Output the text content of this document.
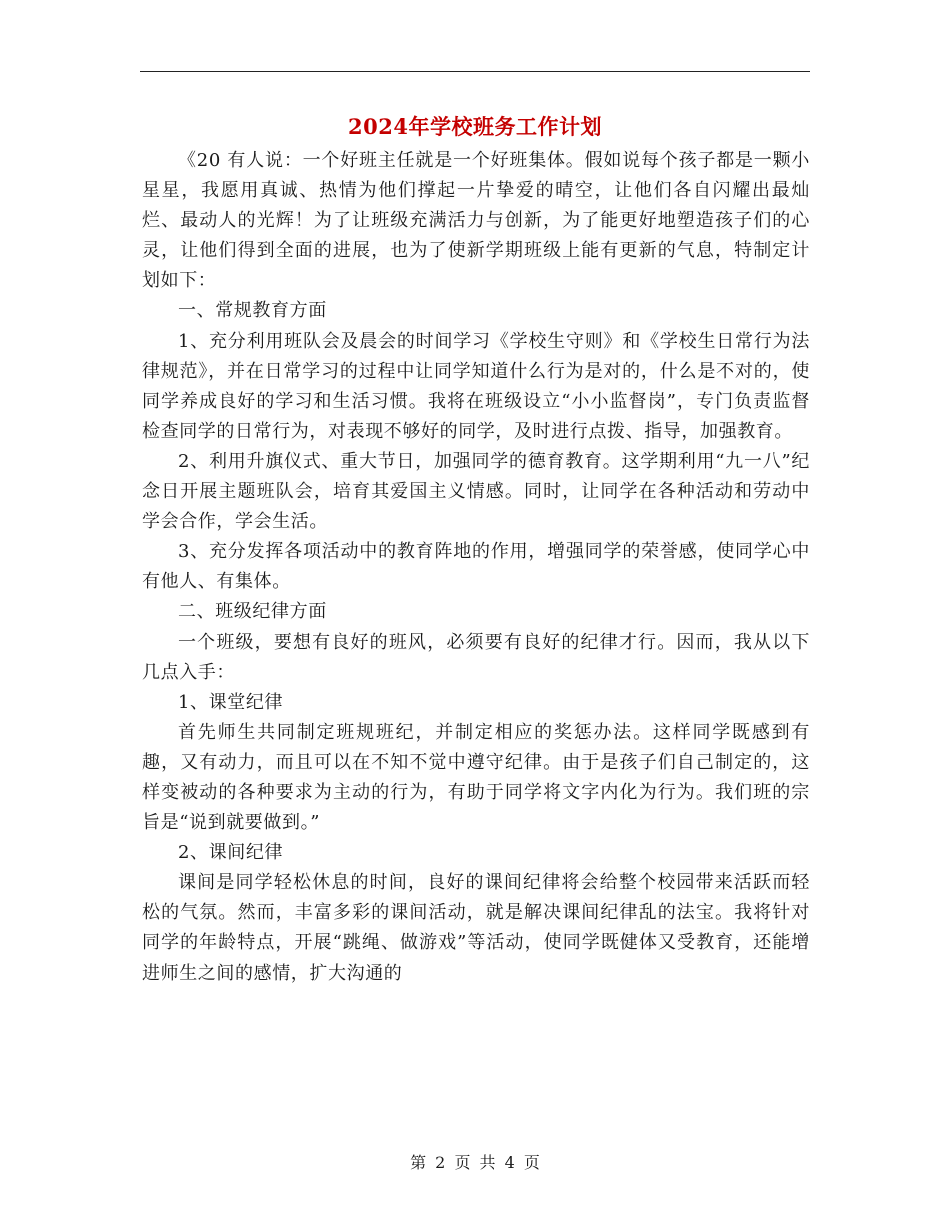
2024年学校班务工作计划

《20 有人说：一个好班主任就是一个好班集体。假如说每个孩子都是一颗小星星，我愿用真诚、热情为他们撑起一片挚爱的晴空，让他们各自闪耀出最灿烂、最动人的光辉！为了让班级充满活力与创新，为了能更好地塑造孩子们的心灵，让他们得到全面的进展，也为了使新学期班级上能有更新的气息，特制定计划如下：

一、常规教育方面

1、充分利用班队会及晨会的时间学习《学校生守则》和《学校生日常行为法律规范》，并在日常学习的过程中让同学知道什么行为是对的，什么是不对的，使同学养成良好的学习和生活习惯。我将在班级设立“小小监督岗”，专门负责监督检查同学的日常行为，对表现不够好的同学，及时进行点拨、指导，加强教育。

2、利用升旗仪式、重大节日，加强同学的德育教育。这学期利用“九一八”纪念日开展主题班队会，培育其爱国主义情感。同时，让同学在各种活动和劳动中学会合作，学会生活。

3、充分发挥各项活动中的教育阵地的作用，增强同学的荣誉感，使同学心中有他人、有集体。

二、班级纪律方面

一个班级，要想有良好的班风，必须要有良好的纪律才行。因而，我从以下几点入手：

1、课堂纪律

首先师生共同制定班规班纪，并制定相应的奖惩办法。这样同学既感到有趣，又有动力，而且可以在不知不觉中遵守纪律。由于是孩子们自己制定的，这样变被动的各种要求为主动的行为，有助于同学将文字内化为行为。我们班的宗旨是“说到就要做到。”

2、课间纪律

课间是同学轻松休息的时间，良好的课间纪律将会给整个校园带来活跃而轻松的气氛。然而，丰富多彩的课间活动，就是解决课间纪律乱的法宝。我将针对同学的年龄特点，开展“跳绳、做游戏”等活动，使同学既健体又受教育，还能增进师生之间的感情，扩大沟通的

第 2 页 共 4 页
